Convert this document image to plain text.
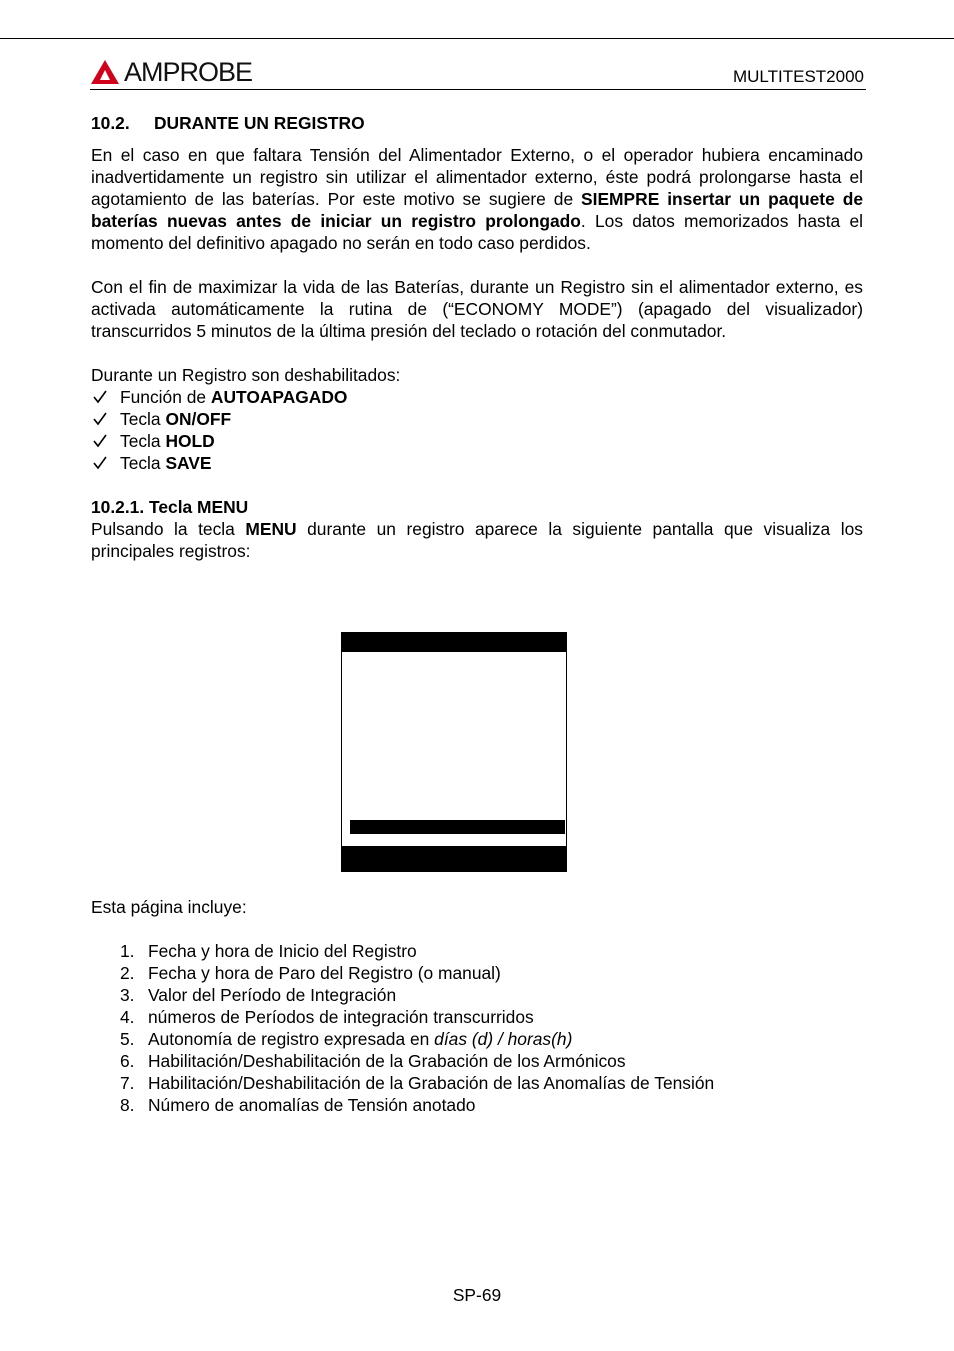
AMPROBE	MULTITEST2000
10.2. DURANTE UN REGISTRO

En el caso en que faltara Tensión del Alimentador Externo, o el operador hubiera encaminado inadvertidamente un registro sin utilizar el alimentador externo, éste podrá prolongarse hasta el agotamiento de las baterías. Por este motivo se sugiere de SIEMPRE insertar un paquete de baterías nuevas antes de iniciar un registro prolongado. Los datos memorizados hasta el momento del definitivo apagado no serán en todo caso perdidos.

Con el fin de maximizar la vida de las Baterías, durante un Registro sin el alimentador externo, es activada automáticamente la rutina de (“ECONOMY MODE”) (apagado del visualizador) transcurridos 5 minutos de la última presión del teclado o rotación del conmutador.

Durante un Registro son deshabilitados:
Función de AUTOAPAGADO
Tecla ON/OFF
Tecla HOLD
Tecla SAVE
10.2.1. Tecla MENU

Pulsando la tecla MENU durante un registro aparece la siguiente pantalla que visualiza los principales registros:

Esta página incluye:
1. Fecha y hora de Inicio del Registro
2. Fecha y hora de Paro del Registro (o manual)
3. Valor del Período de Integración
4. números de Períodos de integración transcurridos
5. Autonomía de registro expresada en días (d) / horas(h)
6. Habilitación/Deshabilitación de la Grabación de los Armónicos
7. Habilitación/Deshabilitación de la Grabación de las Anomalías de Tensión
8. Número de anomalías de Tensión anotado
SP-69
